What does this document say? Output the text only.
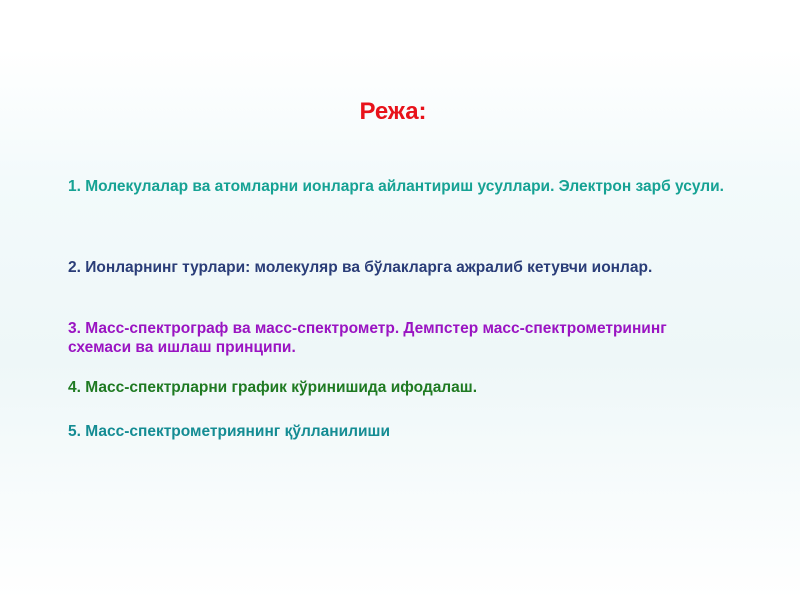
Режа:

1. Молекулалар ва атомларни ионларга айлантириш усуллари. Электрон зарб усули.

2. Ионларнинг турлари: молекуляр ва бўлакларга ажралиб кетувчи ионлар.

3. Масс-спектрограф ва масс-спектрометр. Демпстер масс-спектрометрининг схемаси ва ишлаш принципи.

4. Масс-спектрларни график кўринишида ифодалаш.

5. Масс-спектрометриянинг қўлланилиши
